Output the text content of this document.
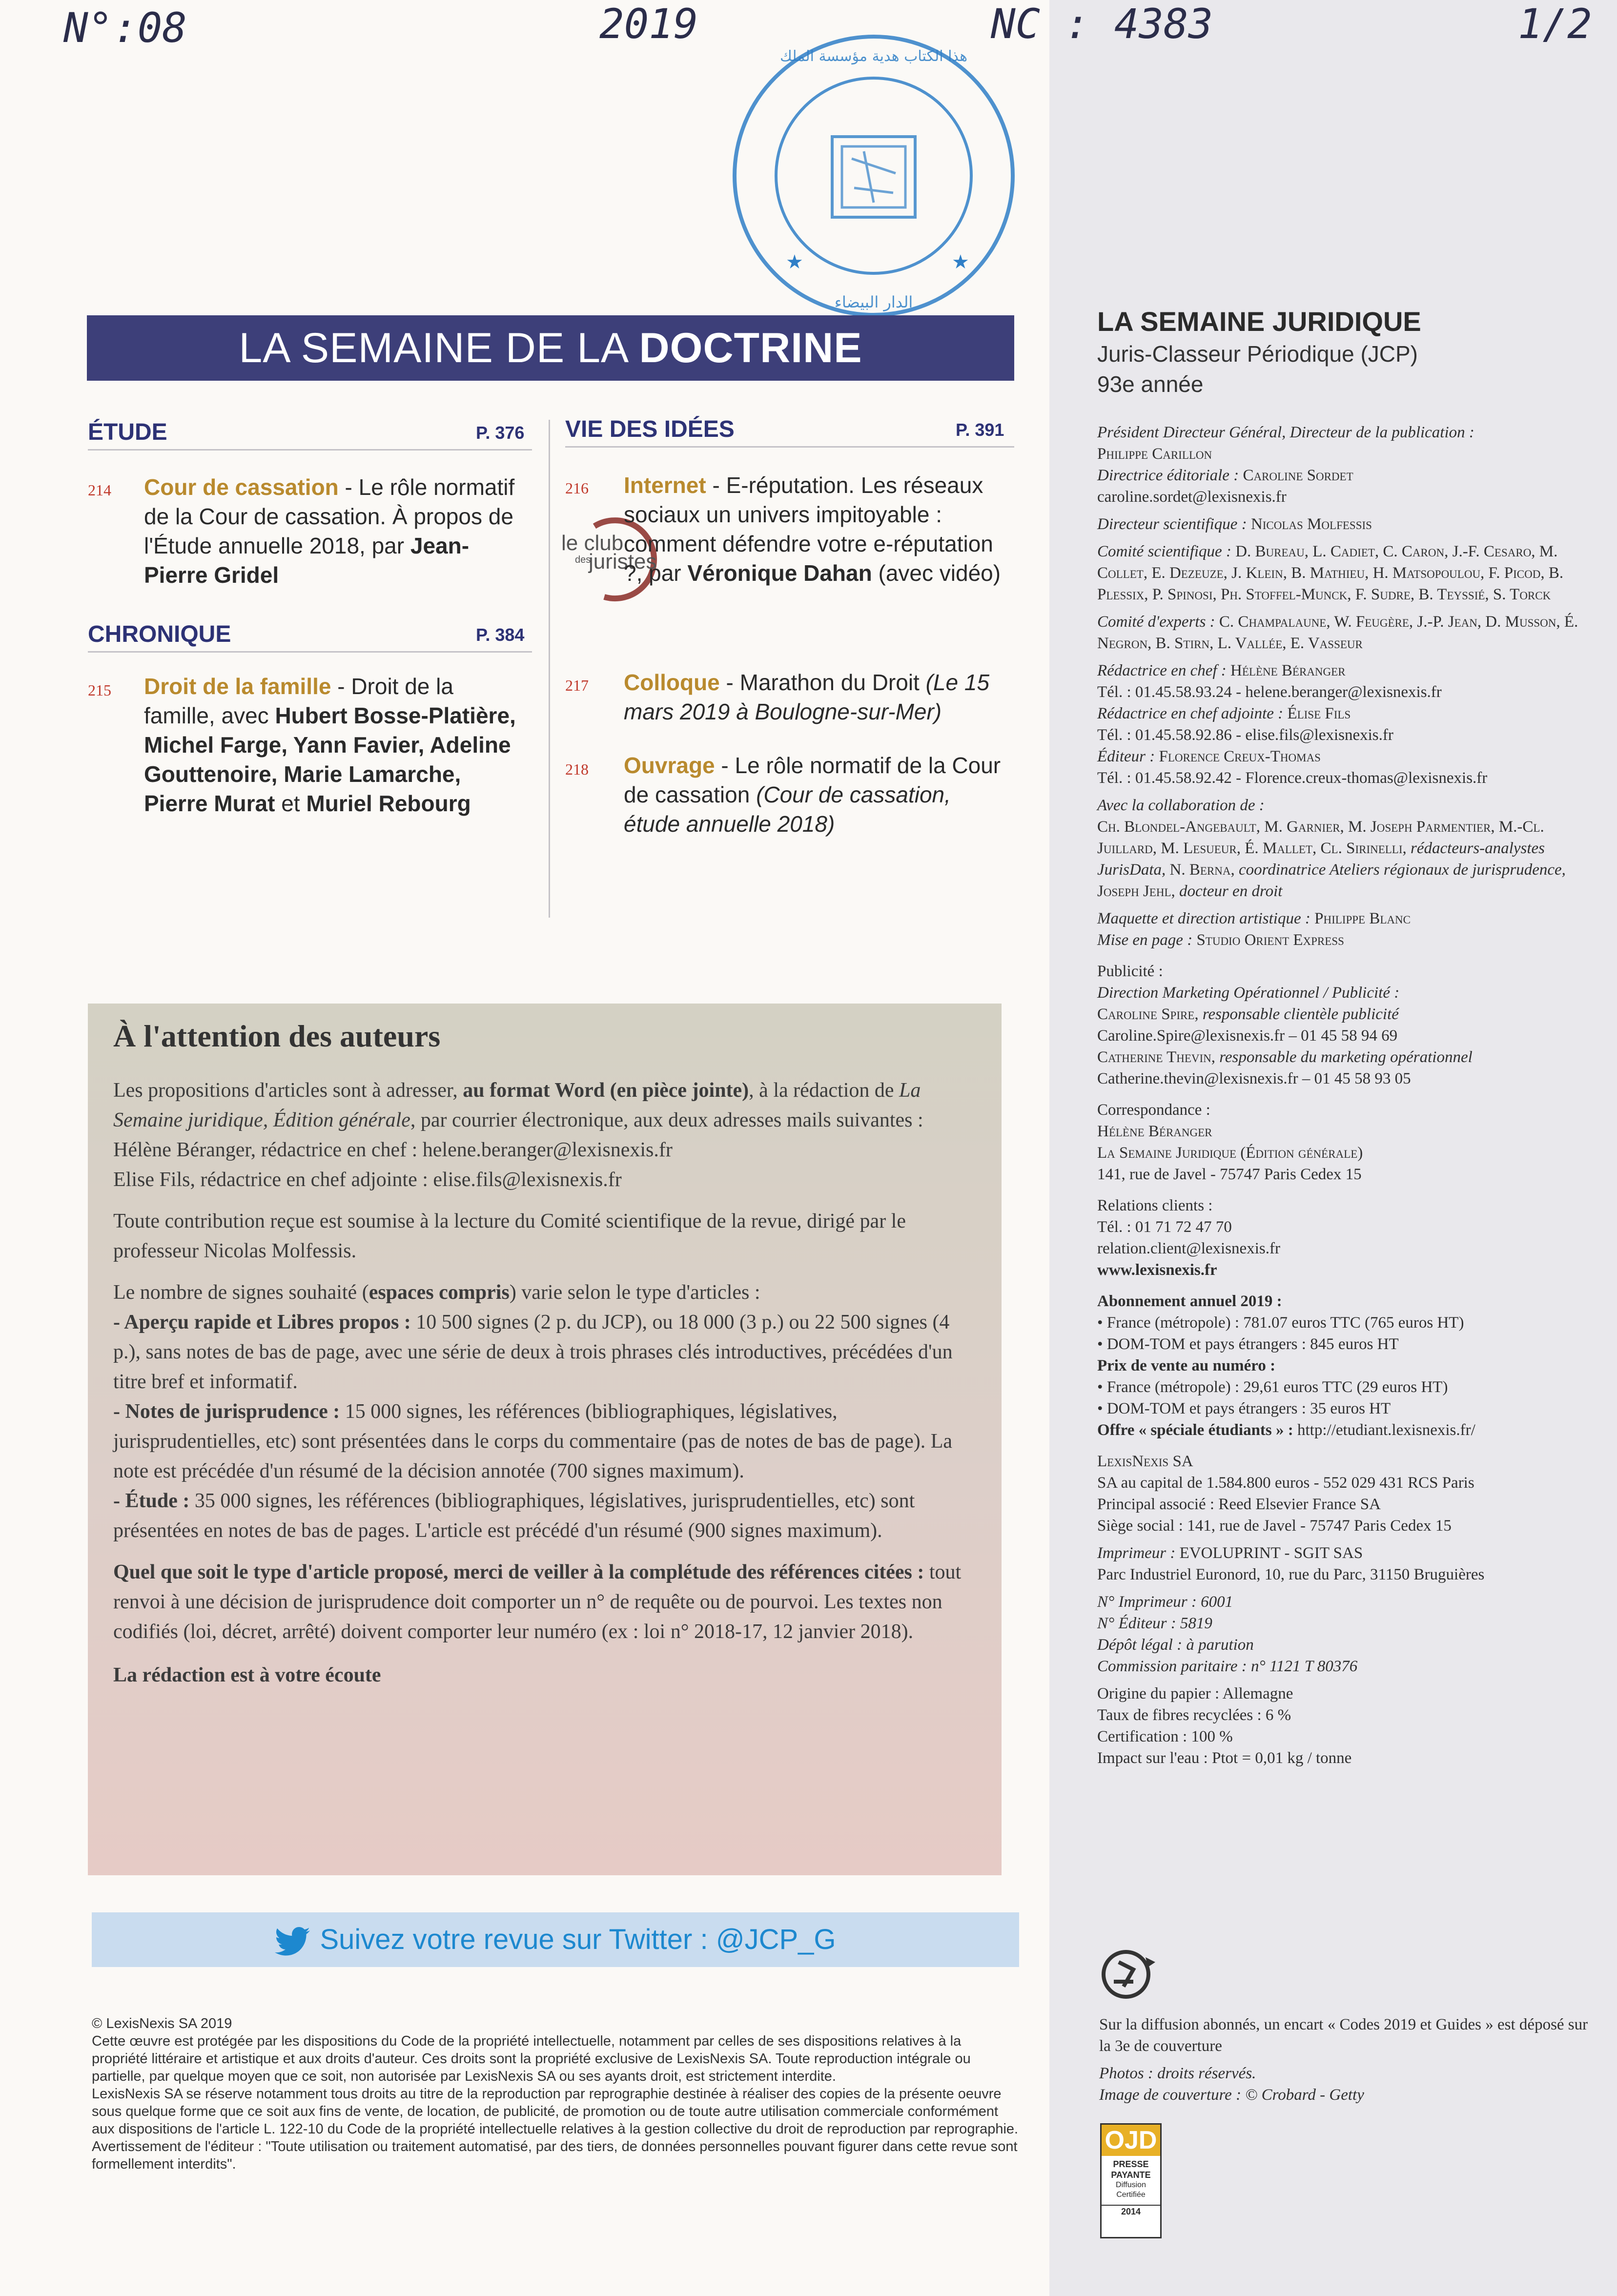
N°:08	2019	NC : 4383	1/2
هذا الكتاب هدية مؤسسة الملك
الدار البيضاء
★	★
LA SEMAINE DE LA DOCTRINE
ÉTUDE	P. 376
214 Cour de cassation - Le rôle normatif de la Cour de cassation. À propos de l'Étude annuelle 2018, par Jean-Pierre Gridel
CHRONIQUE	P. 384
215 Droit de la famille - Droit de la famille, avec Hubert Bosse-Platière, Michel Farge, Yann Favier, Adeline Gouttenoire, Marie Lamarche, Pierre Murat et Muriel Rebourg
VIE DES IDÉES	P. 391
le club
des
juristes
216 Internet - E-réputation. Les réseaux sociaux un univers impitoyable : comment défendre votre e-réputation ?, par Véronique Dahan (avec vidéo)
217 Colloque - Marathon du Droit (Le 15 mars 2019 à Boulogne-sur-Mer)
218 Ouvrage - Le rôle normatif de la Cour de cassation (Cour de cassation, étude annuelle 2018)
À l'attention des auteurs

Les propositions d'articles sont à adresser, au format Word (en pièce jointe), à la rédaction de La Semaine juridique, Édition générale, par courrier électronique, aux deux adresses mails suivantes :
Hélène Béranger, rédactrice en chef : helene.beranger@lexisnexis.fr
Elise Fils, rédactrice en chef adjointe : elise.fils@lexisnexis.fr

Toute contribution reçue est soumise à la lecture du Comité scientifique de la revue, dirigé par le professeur Nicolas Molfessis.

Le nombre de signes souhaité (espaces compris) varie selon le type d'articles :
- Aperçu rapide et Libres propos : 10 500 signes (2 p. du JCP), ou 18 000 (3 p.) ou 22 500 signes (4 p.), sans notes de bas de page, avec une série de deux à trois phrases clés introductives, précédées d'un titre bref et informatif.
- Notes de jurisprudence : 15 000 signes, les références (bibliographiques, législatives, jurisprudentielles, etc) sont présentées dans le corps du commentaire (pas de notes de bas de page). La note est précédée d'un résumé de la décision annotée (700 signes maximum).
- Étude : 35 000 signes, les références (bibliographiques, législatives, jurisprudentielles, etc) sont présentées en notes de bas de pages. L'article est précédé d'un résumé (900 signes maximum).

Quel que soit le type d'article proposé, merci de veiller à la complétude des références citées : tout renvoi à une décision de jurisprudence doit comporter un n° de requête ou de pourvoi. Les textes non codifiés (loi, décret, arrêté) doivent comporter leur numéro (ex : loi n° 2018-17, 12 janvier 2018).

La rédaction est à votre écoute

Suivez votre revue sur Twitter : @JCP_G

© LexisNexis SA 2019

Cette œuvre est protégée par les dispositions du Code de la propriété intellectuelle, notamment par celles de ses dispositions relatives à la propriété littéraire et artistique et aux droits d'auteur. Ces droits sont la propriété exclusive de LexisNexis SA. Toute reproduction intégrale ou partielle, par quelque moyen que ce soit, non autorisée par LexisNexis SA ou ses ayants droit, est strictement interdite.

LexisNexis SA se réserve notamment tous droits au titre de la reproduction par reprographie destinée à réaliser des copies de la présente oeuvre sous quelque forme que ce soit aux fins de vente, de location, de publicité, de promotion ou de toute autre utilisation commerciale conformément aux dispositions de l'article L. 122-10 du Code de la propriété intellectuelle relatives à la gestion collective du droit de reproduction par reprographie. Avertissement de l'éditeur : "Toute utilisation ou traitement automatisé, par des tiers, de données personnelles pouvant figurer dans cette revue sont formellement interdits".

LA SEMAINE JURIDIQUE
Juris-Classeur Périodique (JCP)
93e année

Président Directeur Général, Directeur de la publication :

Philippe Carillon

Directrice éditoriale : Caroline Sordet

caroline.sordet@lexisnexis.fr

Directeur scientifique : Nicolas Molfessis

Comité scientifique : D. Bureau, L. Cadiet, C. Caron, J.-F. Cesaro, M. Collet, E. Dezeuze, J. Klein, B. Mathieu, H. Matsopoulou, F. Picod, B. Plessix, P. Spinosi, Ph. Stoffel-Munck, F. Sudre, B. Teyssié, S. Torck

Comité d'experts : C. Champalaune, W. Feugère, J.-P. Jean, D. Musson, É. Negron, B. Stirn, L. Vallée, E. Vasseur

Rédactrice en chef : Hélène Béranger

Tél. : 01.45.58.93.24 - helene.beranger@lexisnexis.fr

Rédactrice en chef adjointe : Élise Fils

Tél. : 01.45.58.92.86 - elise.fils@lexisnexis.fr

Éditeur : Florence Creux-Thomas

Tél. : 01.45.58.92.42 - Florence.creux-thomas@lexisnexis.fr

Avec la collaboration de :

Ch. Blondel-Angebault, M. Garnier, M. Joseph Parmentier, M.-Cl. Juillard, M. Lesueur, É. Mallet, Cl. Sirinelli, rédacteurs-analystes JurisData, N. Berna, coordinatrice Ateliers régionaux de jurisprudence, Joseph Jehl, docteur en droit

Maquette et direction artistique : Philippe Blanc

Mise en page : Studio Orient Express

Publicité :

Direction Marketing Opérationnel / Publicité :

Caroline Spire, responsable clientèle publicité

Caroline.Spire@lexisnexis.fr – 01 45 58 94 69

Catherine Thevin, responsable du marketing opérationnel

Catherine.thevin@lexisnexis.fr – 01 45 58 93 05

Correspondance :

Hélène Béranger

La Semaine Juridique (Édition générale)

141, rue de Javel - 75747 Paris Cedex 15

Relations clients :

Tél. : 01 71 72 47 70

relation.client@lexisnexis.fr

www.lexisnexis.fr

Abonnement annuel 2019 :

• France (métropole) : 781.07 euros TTC (765 euros HT)

• DOM-TOM et pays étrangers : 845 euros HT

Prix de vente au numéro :

• France (métropole) : 29,61 euros TTC (29 euros HT)

• DOM-TOM et pays étrangers : 35 euros HT

Offre « spéciale étudiants » : http://etudiant.lexisnexis.fr/

LexisNexis SA

SA au capital de 1.584.800 euros - 552 029 431 RCS Paris

Principal associé : Reed Elsevier France SA

Siège social : 141, rue de Javel - 75747 Paris Cedex 15

Imprimeur : EVOLUPRINT - SGIT SAS

Parc Industriel Euronord, 10, rue du Parc, 31150 Bruguières

N° Imprimeur : 6001

N° Éditeur : 5819

Dépôt légal : à parution

Commission paritaire : n° 1121 T 80376

Origine du papier : Allemagne

Taux de fibres recyclées : 6 %

Certification : 100 %

Impact sur l'eau : Ptot = 0,01 kg / tonne

Sur la diffusion abonnés, un encart « Codes 2019 et Guides » est déposé sur la 3e de couverture

Photos : droits réservés.

Image de couverture : © Crobard - Getty

OJD
PRESSE
PAYANTE
Diffusion
Certifiée
2014
